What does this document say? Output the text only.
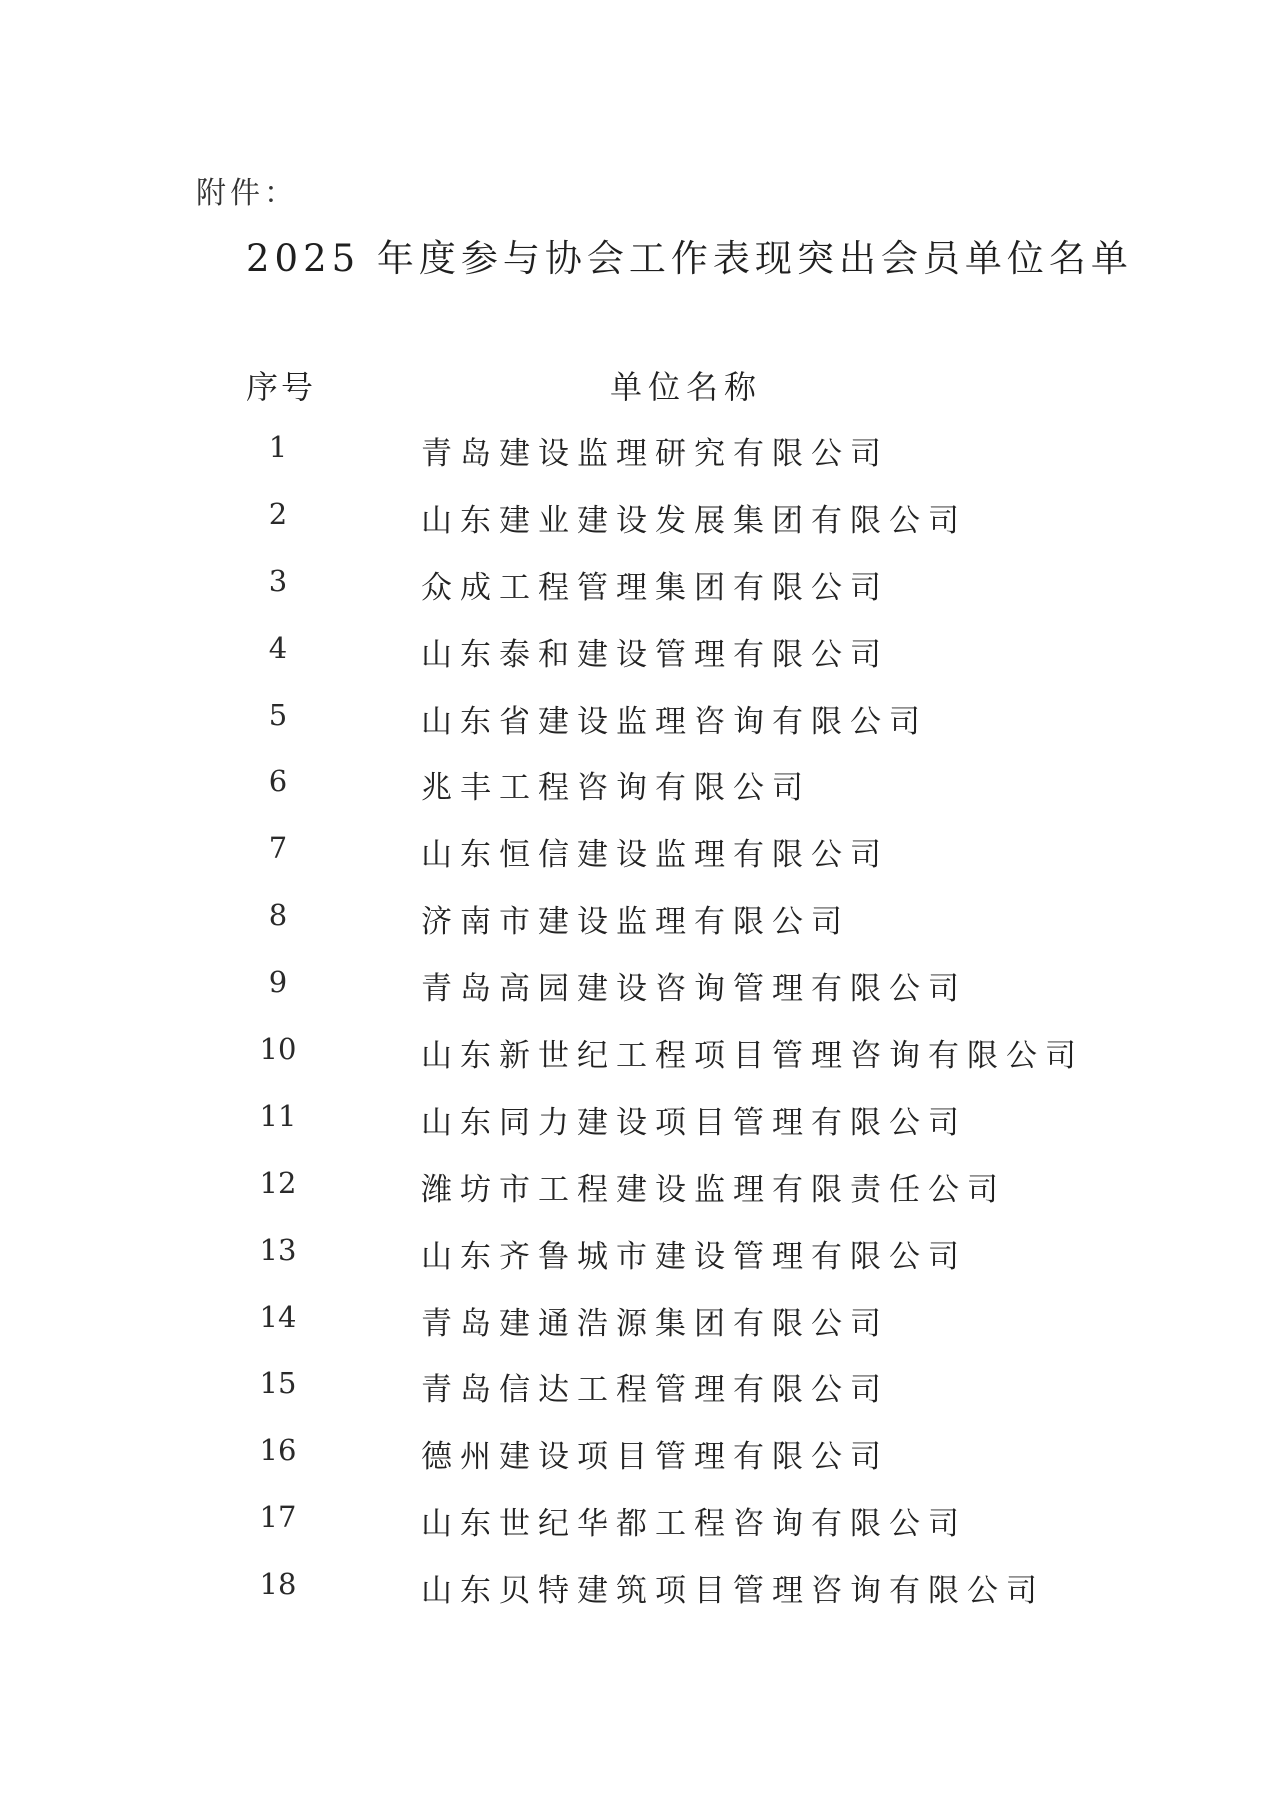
附件：
2025 年度参与协会工作表现突出会员单位名单
序号	单位名称
1	青岛建设监理研究有限公司
2	山东建业建设发展集团有限公司
3	众成工程管理集团有限公司
4	山东泰和建设管理有限公司
5	山东省建设监理咨询有限公司
6	兆丰工程咨询有限公司
7	山东恒信建设监理有限公司
8	济南市建设监理有限公司
9	青岛高园建设咨询管理有限公司
10	山东新世纪工程项目管理咨询有限公司
11	山东同力建设项目管理有限公司
12	潍坊市工程建设监理有限责任公司
13	山东齐鲁城市建设管理有限公司
14	青岛建通浩源集团有限公司
15	青岛信达工程管理有限公司
16	德州建设项目管理有限公司
17	山东世纪华都工程咨询有限公司
18	山东贝特建筑项目管理咨询有限公司
